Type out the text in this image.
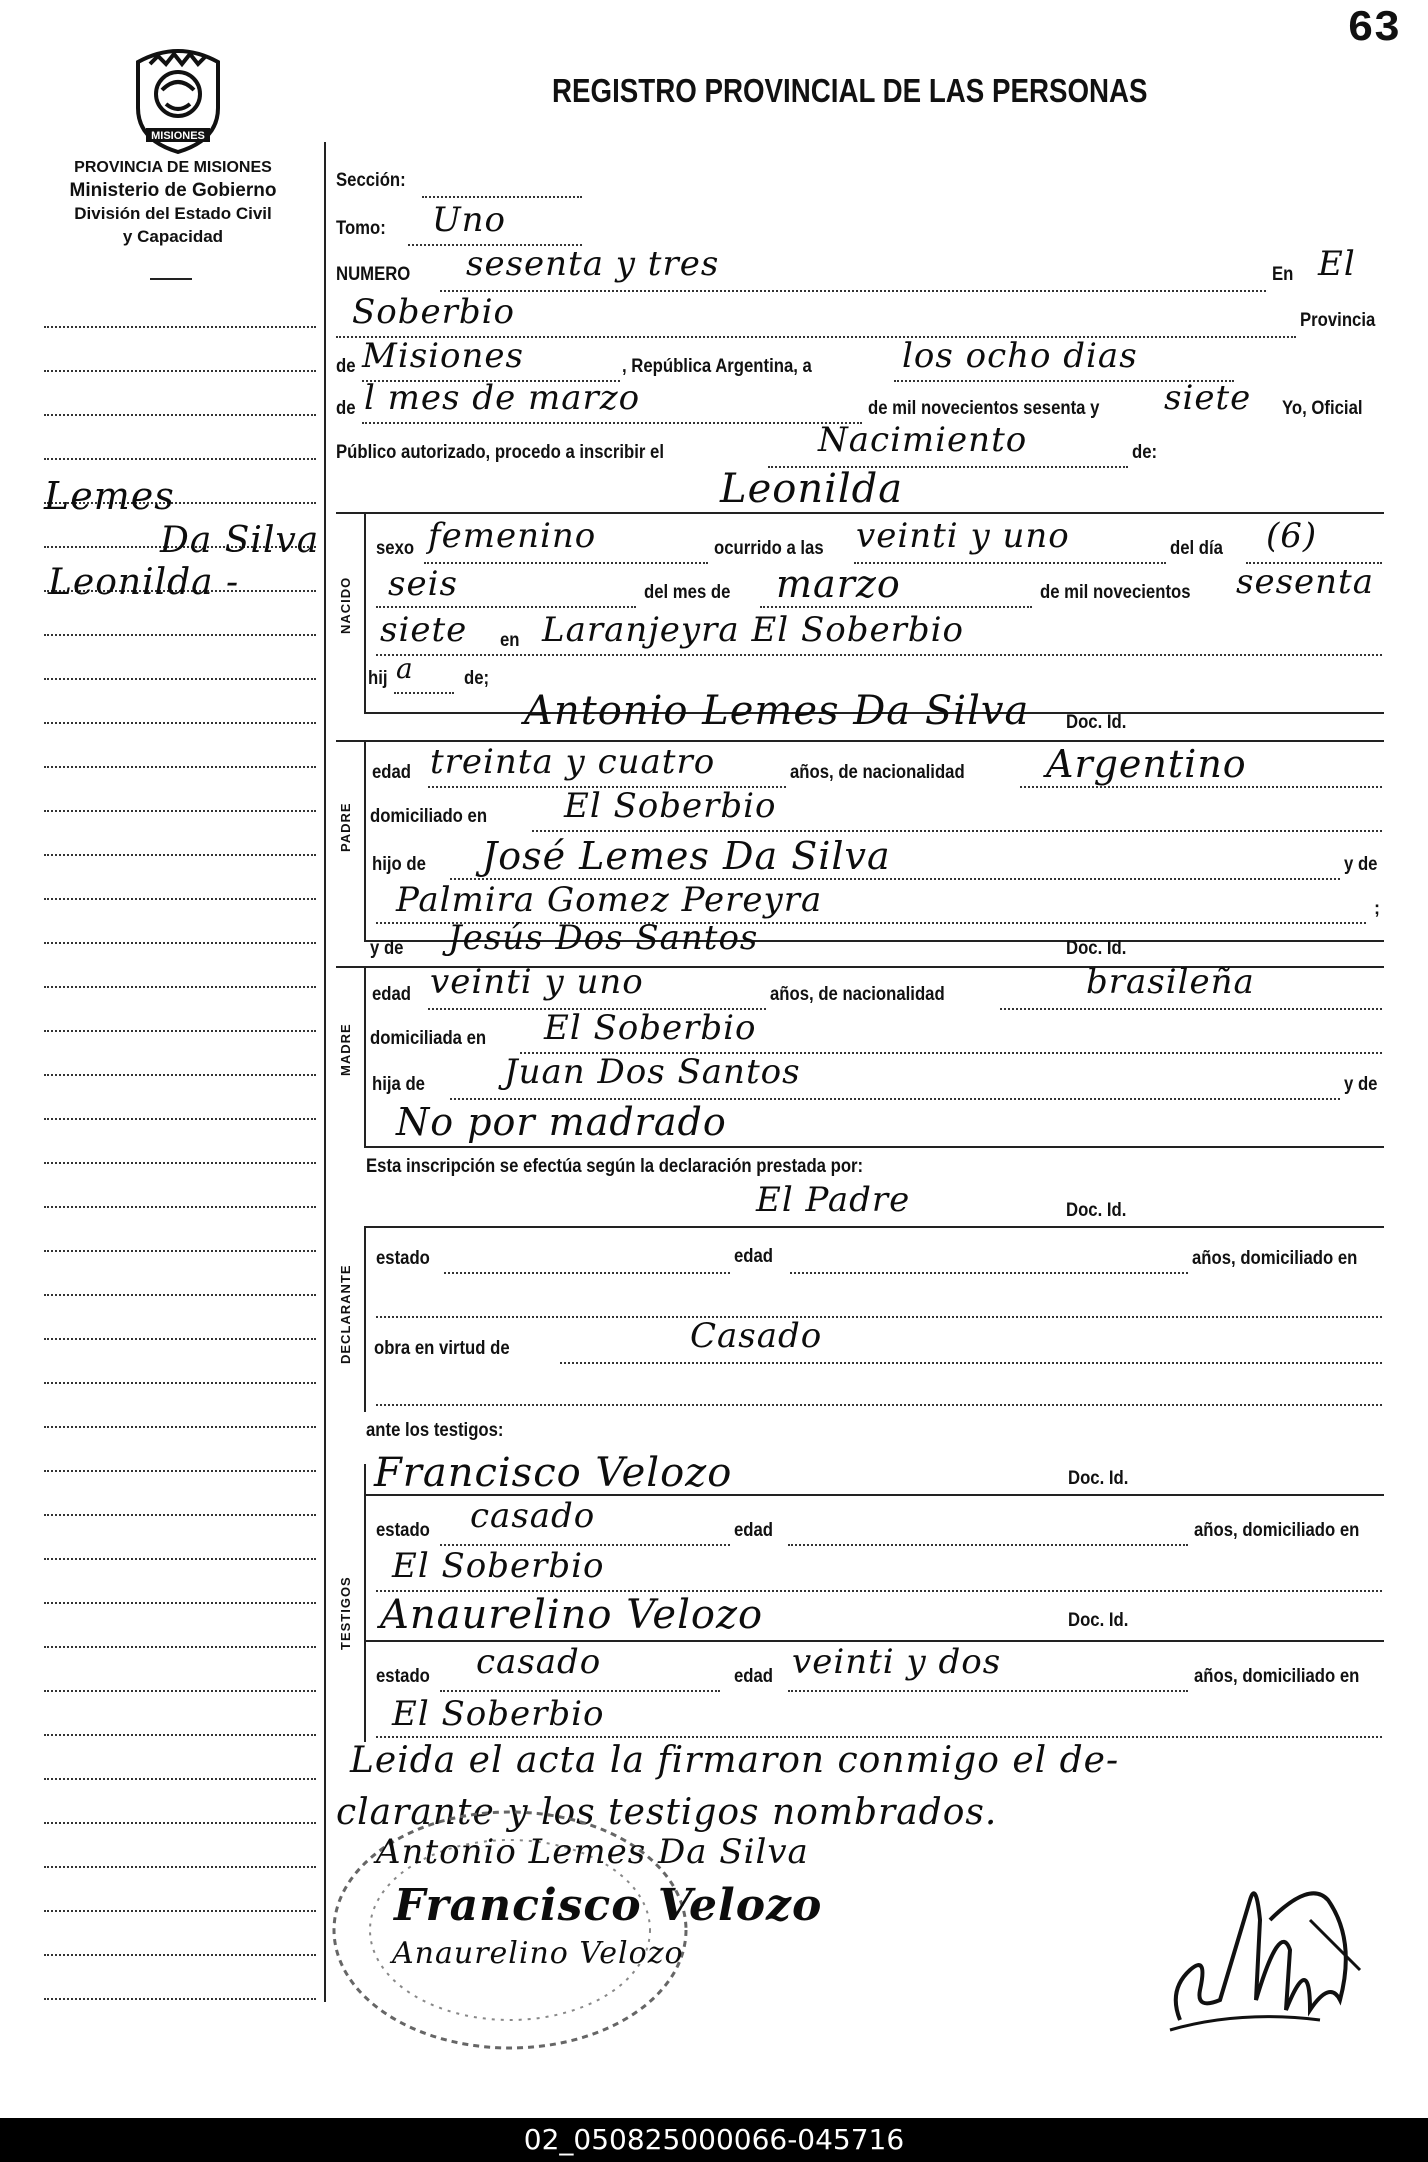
63
REGISTRO PROVINCIAL DE LAS PERSONAS
MISIONES
PROVINCIA DE MISIONES
Ministerio de Gobierno
División del Estado Civil
y Capacidad
Lemes
Da Silva
Leonilda -
Sección:
Tomo: Uno
NUMERO sesenta y tres	En El
Soberbio	Provincia
de Misiones	, República Argentina, a	los ocho dias
de l mes de marzo	de mil novecientos sesenta y siete Yo, Oficial
Público autorizado, procedo a inscribir el	Nacimiento	de:
Leonilda
NACIDO
sexo femenino	ocurrido a las veinti y uno	del día (6)
seis	del mes de marzo	de mil novecientos sesenta
siete en Laranjeyra El Soberbio
hij a	de;
Antonio Lemes Da Silva Doc. Id.
PADRE
edad treinta y cuatro	años, de nacionalidad Argentino
domiciliado en El Soberbio
hijo de José Lemes Da Silva	y de
Palmira Gomez Pereyra	;
y de Jesús Dos Santos	Doc. Id.
MADRE
edad veinti y uno	años, de nacionalidad	brasileña
domiciliada en El Soberbio
hija de Juan Dos Santos	y de
No por madrado
Esta inscripción se efectúa según la declaración prestada por:
El Padre	Doc. Id.
DECLARANTE
estado	edad	años, domiciliado en
obra en virtud de	Casado
ante los testigos:
Francisco Velozo	Doc. Id.
TESTIGOS
estado casado	edad	años, domiciliado en
El Soberbio
Anaurelino Velozo	Doc. Id.
estado casado	edad veinti y dos	años, domiciliado en
El Soberbio
Leida el acta la firmaron conmigo el de-
clarante y los testigos nombrados.
Antonio Lemes Da Silva
Francisco Velozo
Anaurelino Velozo
02_050825000066-045716
